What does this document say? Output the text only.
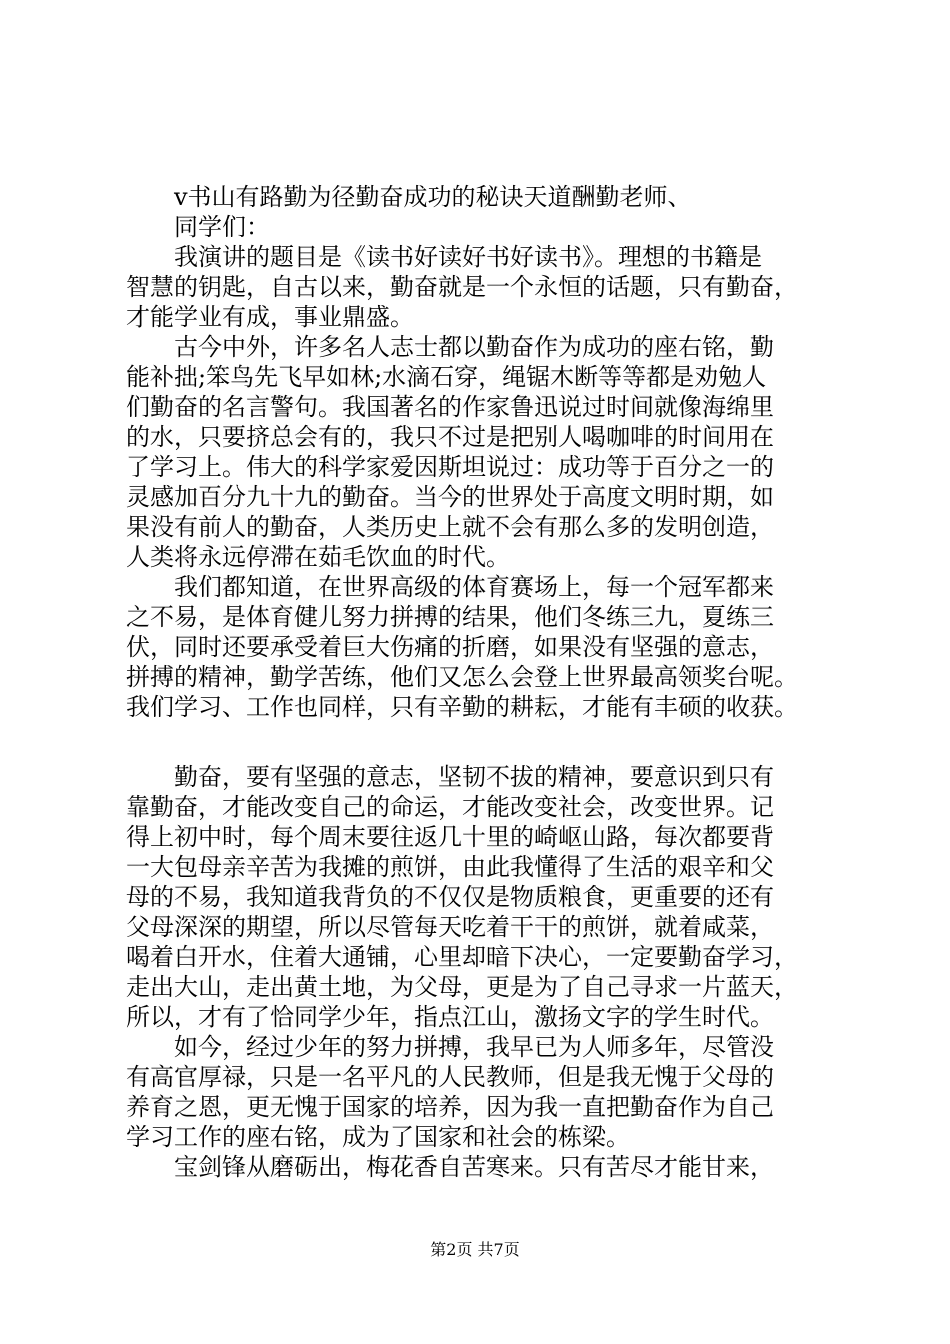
v书山有路勤为径勤奋成功的秘诀天道酬勤老师、
同学们：
我演讲的题目是《读书好读好书好读书》。理想的书籍是
智慧的钥匙，自古以来，勤奋就是一个永恒的话题，只有勤奋，
才能学业有成，事业鼎盛。
古今中外，许多名人志士都以勤奋作为成功的座右铭，勤
能补拙;笨鸟先飞早如林;水滴石穿，绳锯木断等等都是劝勉人
们勤奋的名言警句。我国著名的作家鲁迅说过时间就像海绵里
的水，只要挤总会有的，我只不过是把别人喝咖啡的时间用在
了学习上。伟大的科学家爱因斯坦说过：成功等于百分之一的
灵感加百分九十九的勤奋。当今的世界处于高度文明时期，如
果没有前人的勤奋，人类历史上就不会有那么多的发明创造，
人类将永远停滞在茹毛饮血的时代。
我们都知道，在世界高级的体育赛场上，每一个冠军都来
之不易，是体育健儿努力拼搏的结果，他们冬练三九，夏练三
伏，同时还要承受着巨大伤痛的折磨，如果没有坚强的意志，
拼搏的精神，勤学苦练，他们又怎么会登上世界最高领奖台呢。
我们学习、工作也同样，只有辛勤的耕耘，才能有丰硕的收获。
勤奋，要有坚强的意志，坚韧不拔的精神，要意识到只有
靠勤奋，才能改变自己的命运，才能改变社会，改变世界。记
得上初中时，每个周末要往返几十里的崎岖山路，每次都要背
一大包母亲辛苦为我摊的煎饼，由此我懂得了生活的艰辛和父
母的不易，我知道我背负的不仅仅是物质粮食，更重要的还有
父母深深的期望，所以尽管每天吃着干干的煎饼，就着咸菜，
喝着白开水，住着大通铺，心里却暗下决心，一定要勤奋学习，
走出大山，走出黄土地，为父母，更是为了自己寻求一片蓝天，
所以，才有了恰同学少年，指点江山，激扬文字的学生时代。
如今，经过少年的努力拼搏，我早已为人师多年，尽管没
有高官厚禄，只是一名平凡的人民教师，但是我无愧于父母的
养育之恩，更无愧于国家的培养，因为我一直把勤奋作为自己
学习工作的座右铭，成为了国家和社会的栋梁。
宝剑锋从磨砺出，梅花香自苦寒来。只有苦尽才能甘来，
第2页 共7页
